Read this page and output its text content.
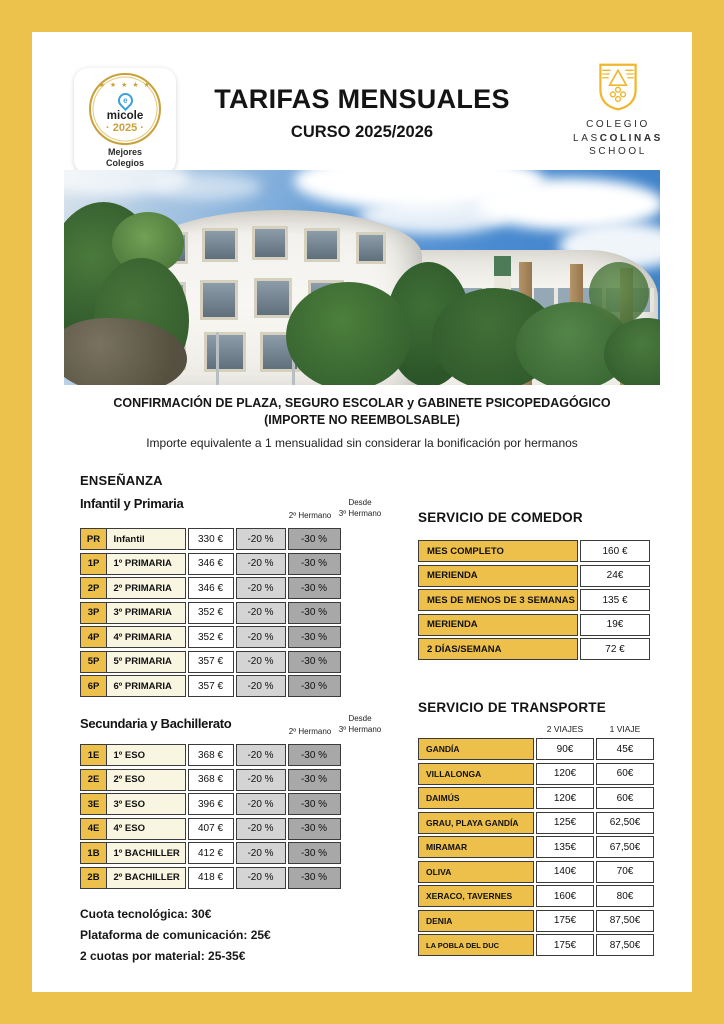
★ ★ ★ ★ ★
e
micole
· 2025 ·
Mejores
Colegios
TARIFAS MENSUALES
CURSO 2025/2026	COLEGIO
LASCOLINAS
SCHOOL
CONFIRMACIÓN DE PLAZA, SEGURO ESCOLAR y GABINETE PSICOPEDAGÓGICO
(IMPORTE NO REEMBOLSABLE)
Importe equivalente a 1 mensualidad sin considerar la bonificación por hermanos
ENSEÑANZA
Infantil y Primaria
2º Hermano
Desde
3º Hermano
PR	Infantil	330 €	-20 %	-30 %
1P	1º PRIMARIA	346 €	-20 %	-30 %
2P	2º PRIMARIA	346 €	-20 %	-30 %
3P	3º PRIMARIA	352 €	-20 %	-30 %
4P	4º PRIMARIA	352 €	-20 %	-30 %
5P	5º PRIMARIA	357 €	-20 %	-30 %
6P	6º PRIMARIA	357 €	-20 %	-30 %
Secundaria y Bachillerato
2º Hermano
Desde
3º Hermano
1E	1º ESO	368 €	-20 %	-30 %
2E	2º ESO	368 €	-20 %	-30 %
3E	3º ESO	396 €	-20 %	-30 %
4E	4º ESO	407 €	-20 %	-30 %
1B	1º BACHILLER	412 €	-20 %	-30 %
2B	2º BACHILLER	418 €	-20 %	-30 %
Cuota tecnológica: 30€
Plataforma de comunicación: 25€
2 cuotas por material: 25-35€
SERVICIO DE COMEDOR
MES COMPLETO	160 €
MERIENDA	24€
MES DE MENOS DE 3 SEMANAS	135 €
MERIENDA	19€
2 DÍAS/SEMANA	72 €
SERVICIO DE TRANSPORTE
2 VIAJES	1 VIAJE
GANDÍA	90€	45€
VILLALONGA	120€	60€
DAIMÚS	120€	60€
GRAU, PLAYA GANDÍA	125€	62,50€
MIRAMAR	135€	67,50€
OLIVA	140€	70€
XERACO, TAVERNES	160€	80€
DENIA	175€	87,50€
LA POBLA DEL DUC	175€	87,50€
